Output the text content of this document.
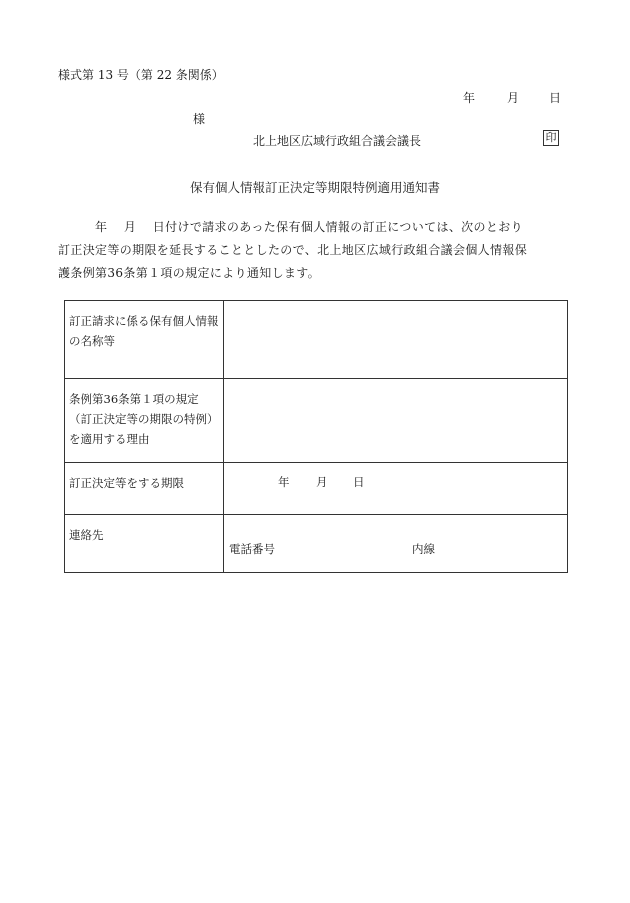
様式第 13 号（第 22 条関係）
年	月	日
様
北上地区広域行政組合議会議長	印
保有個人情報訂正決定等期限特例適用通知書
　　　年　 月　 日付けで請求のあった保有個人情報の訂正については、次のとおり
訂正決定等の期限を延長することとしたので、北上地区広域行政組合議会個人情報保
護条例第36条第１項の規定により通知します。
訂正請求に係る保有個人情報の名称等	
条例第36条第１項の規定（訂正決定等の期限の特例）を適用する理由	
訂正決定等をする期限	年 月 日

連絡先	電話番号 内線
